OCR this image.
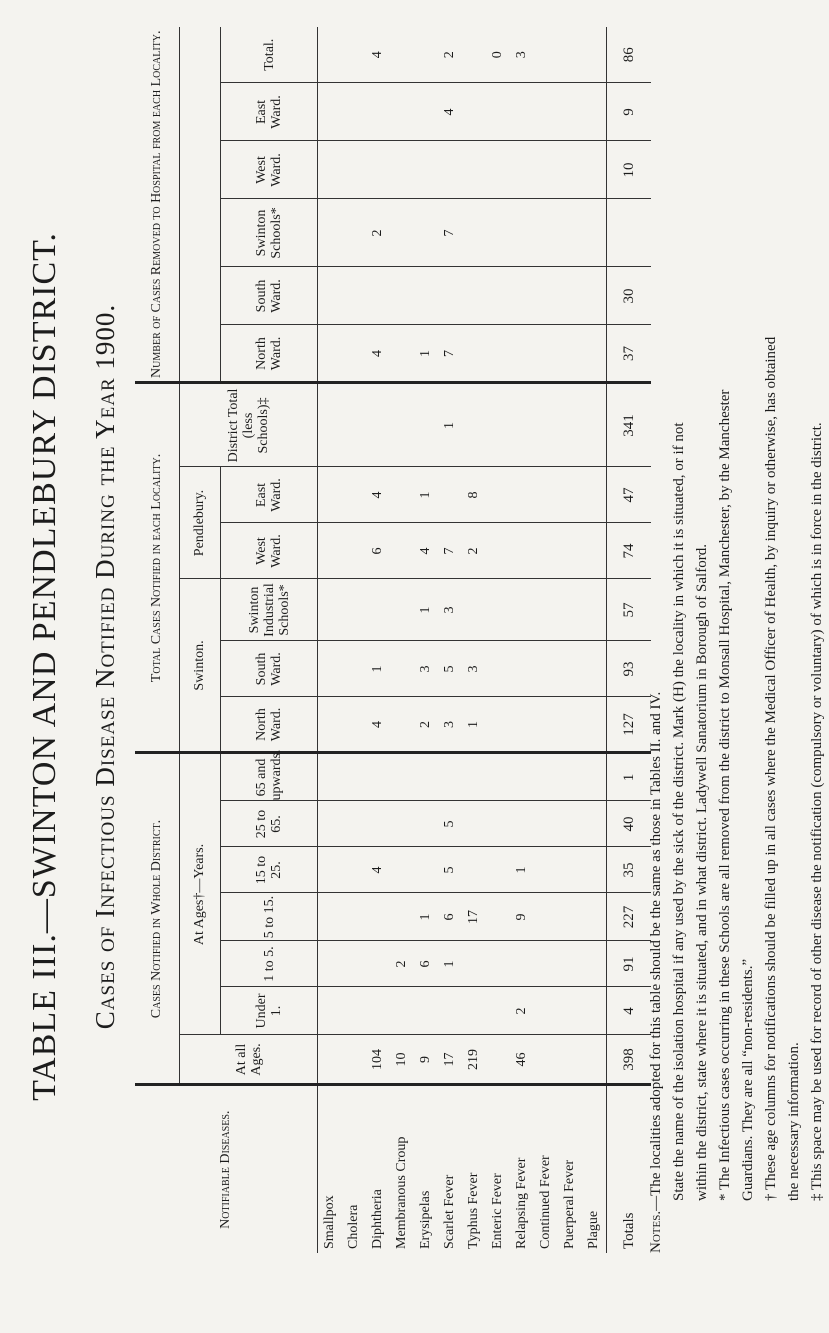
TABLE III.—SWINTON AND PENDLEBURY DISTRICT. Cases of Infectious Disease Notified During the Year 1900.
Notifiable Diseases.	Cases Notified in Whole District.							Total Cases Notified in each Locality.						Number of Cases Removed to Hospital from each Locality.					
	At all Ages.	At Ages†—Years.						Swinton.			Pendlebury.		District Total (less Schools)‡						
		Under 1.	1 to 5.	5 to 15.	15 to 25.	25 to 65.	65 and upwards.	North Ward.	South Ward.	Swinton Industrial Schools*	West Ward.	East Ward.		North Ward.	South Ward.	Swinton Schools*	West Ward.	East Ward.	Total.
Smallpox																			
Cholera																			
Diphtheria	104				4			4	1		6	4		4		2			4
Membranous Croup	10		2																
Erysipelas	9		6	1				2	3	1	4	1		1					
Scarlet Fever	17		1	6	5	5		3	5	3	7		1	7		7		4	2
Typhus Fever	219			17				1	3		2	8							
Enteric Fever																			0
Relapsing Fever	46	2		9	1														3
Continued Fever																			
Puerperal Fever																			
Plague																			
Totals	398	4	91	227	35	40	1	127	93	57	74	47	341	37	30		10	9	86

Notes.—The localities adopted for this table should be the same as those in Tables II. and IV. State the name of the isolation hospital if any used by the sick of the district. Mark (H) the locality in which it is situated, or if not within the district, state where it is situated, and in what district. Ladywell Sanatorium in Borough of Salford. * The Infectious cases occurring in these Schools are all removed from the district to Monsall Hospital, Manchester, by the Manchester Guardians. They are all “non-residents.” † These age columns for notifications should be filled up in all cases where the Medical Officer of Health, by inquiry or otherwise, has obtained the necessary information. ‡ This space may be used for record of other disease the notification (compulsory or voluntary) of which is in force in the district.
